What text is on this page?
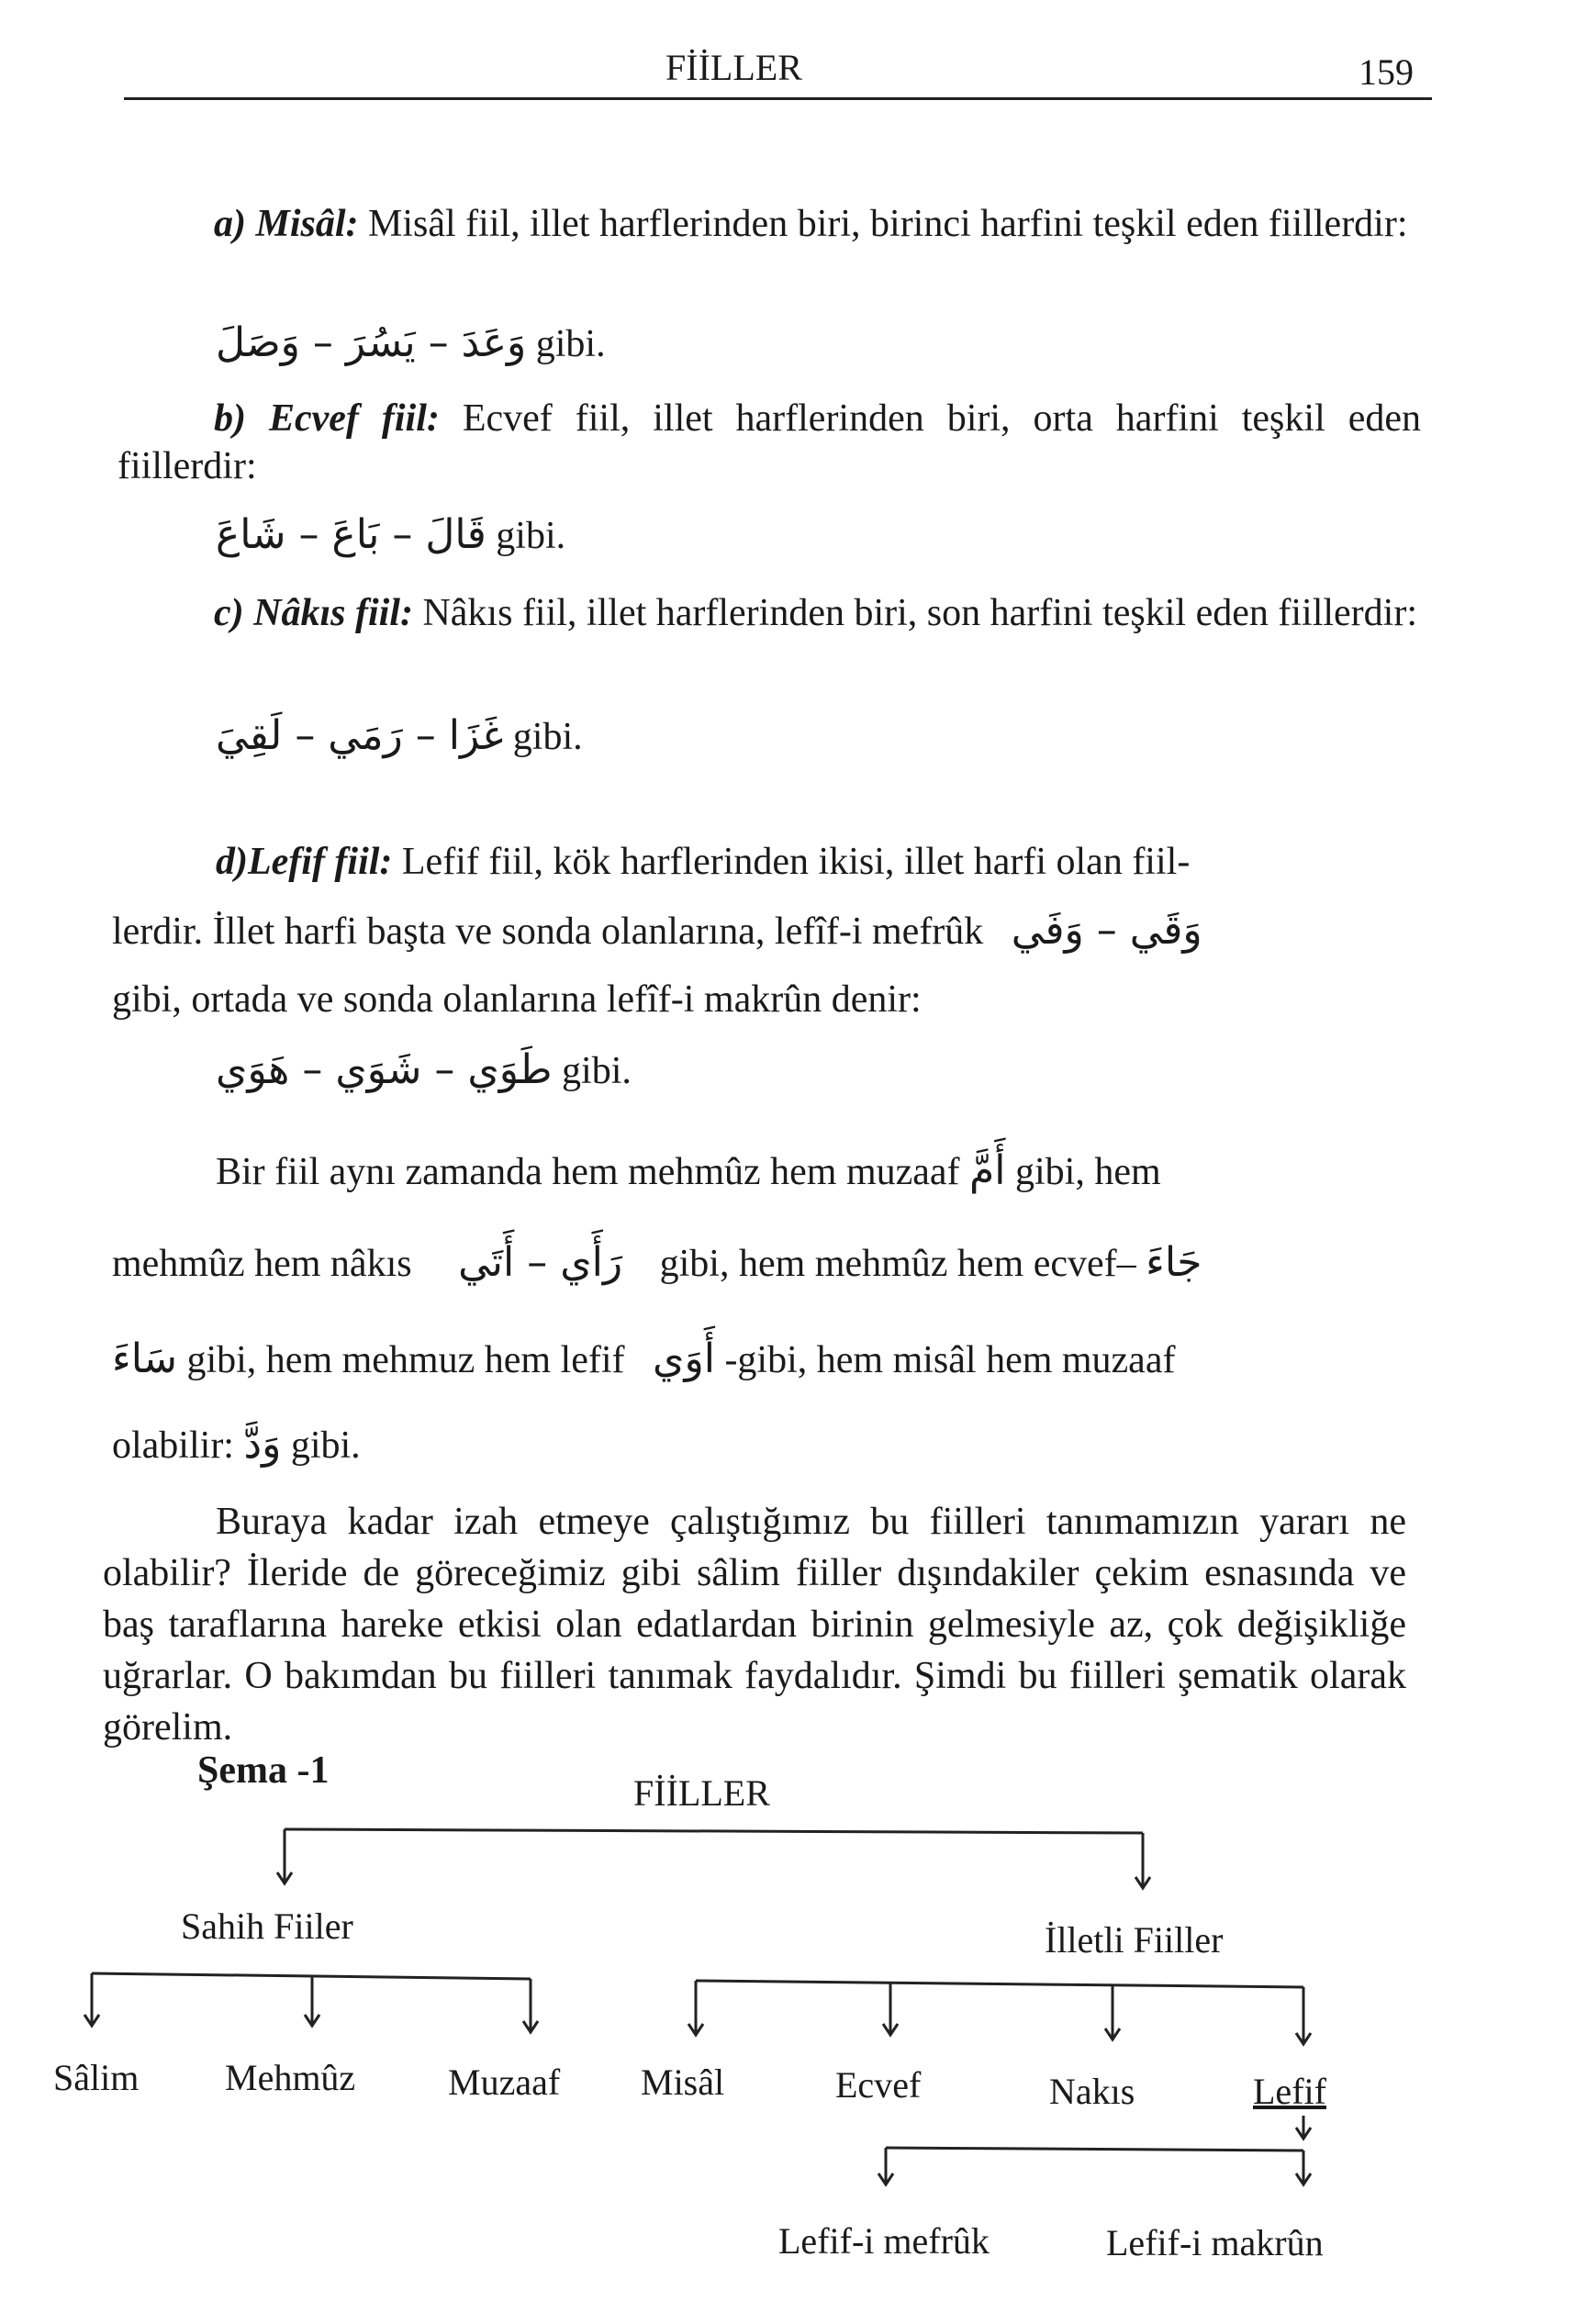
FİİLLER	159
a) Misâl: Misâl fiil, illet harflerinden biri, birinci harfini teşkil eden fiillerdir:
وَعَدَ – يَسُرَ – وَصَلَ gibi.
b) Ecvef fiil: Ecvef fiil, illet harflerinden biri, orta harfini teşkil eden fiillerdir:
قَالَ – بَاعَ – شَاعَ gibi.
c) Nâkıs fiil: Nâkıs fiil, illet harflerinden biri, son harfini teşkil eden fiillerdir:
غَزَا – رَمَي – لَقِيَ gibi.
d)Lefif fiil: Lefif fiil, kök harflerinden ikisi, illet harfi olan fiil-
lerdir. İllet harfi başta ve sonda olanlarına, lefîf-i mefrûk وَقَي – وَفَي
gibi, ortada ve sonda olanlarına lefîf-i makrûn denir:
طَوَي – شَوَي – هَوَي gibi.
Bir fiil aynı zamanda hem mehmûz hem muzaaf أَمَّ gibi, hem
mehmûz hem nâkıs رَأَي – أَتَي gibi, hem mehmûz hem ecvef– جَاءَ
سَاءَ gibi, hem mehmuz hem lefif أَوَي -gibi, hem misâl hem muzaaf
olabilir: وَدَّ gibi.
Buraya kadar izah etmeye çalıştığımız bu fiilleri tanımamızın yararı ne olabilir? İleride de göreceğimiz gibi sâlim fiiller dışındakiler çekim esnasında ve baş taraflarına hareke etkisi olan edatlardan birinin gelmesiyle az, çok değişikliğe uğrarlar. O bakımdan bu fiilleri tanımak faydalıdır. Şimdi bu fiilleri şematik olarak görelim.
Şema -1
FİİLLER
Sahih Fiiler	İlletli Fiiller
Sâlim Mehmûz	Muzaaf Misâl	Ecvef	Nakıs	Lefif
Lefif-i mefrûk	Lefif-i makrûn
